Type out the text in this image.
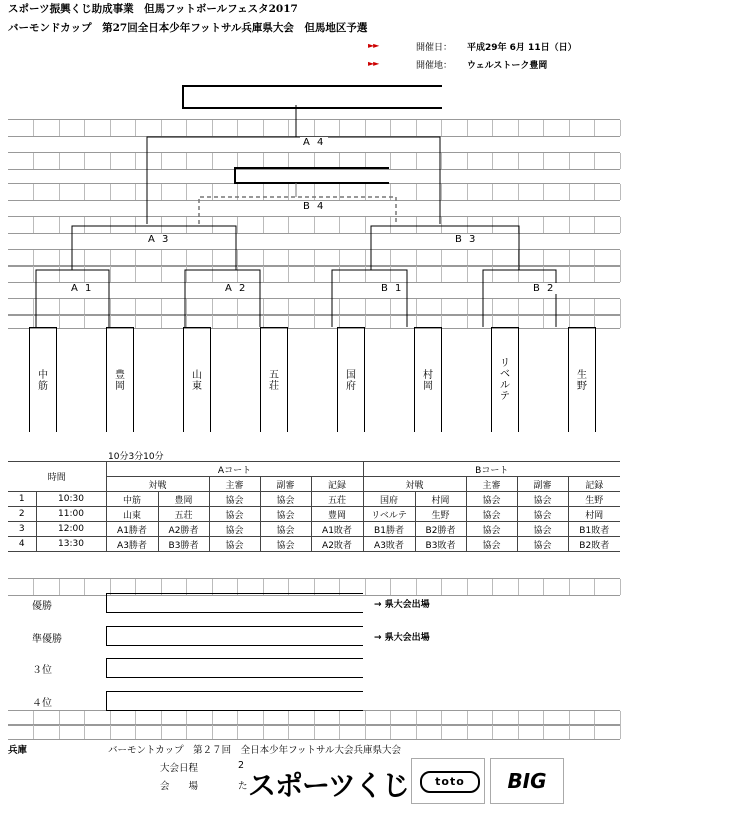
スポーツ振興くじ助成事業　但馬フットボールフェスタ2017
バーモンドカップ　第27回全日本少年フットサル兵庫県大会　但馬地区予選
►►	開催日： 平成29年 6月 11日（日）
►►	開催地： ウェルストーク豊岡
A 4
B 4
A 3	B 3
A 1	A 2	B 1	B 2
中筋
豊岡
山東
五荘
国府
村岡
リベルテ
生野
10分3分10分
時間		Aコート					Bコート				
		対戦		主審	副審	記録	対戦		主審	副審	記録
1	10:30	中筋	豊岡	協会	協会	五荘	国府	村岡	協会	協会	生野
2	11:00	山東	五荘	協会	協会	豊岡	リベルテ	生野	協会	協会	村岡
3	12:00	A1勝者	A2勝者	協会	協会	A1敗者	B1勝者	B2勝者	協会	協会	B1敗者
4	13:30	A3勝者	B3勝者	協会	協会	A2敗者	A3敗者	B3敗者	協会	協会	B2敗者
優勝	→ 県大会出場
準優勝	→ 県大会出場
３位
４位
兵庫	バーモントカップ　第２７回　全日本少年フットサル大会兵庫県大会
大会日程	2
会　　場	た スポーツくじ	toto	BIG
